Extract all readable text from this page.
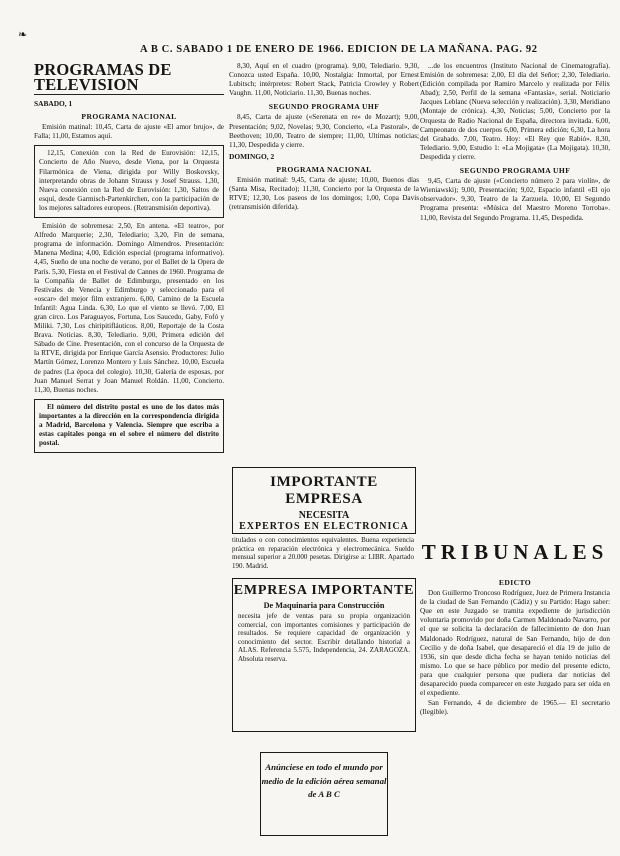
❧
A B C. SABADO 1 DE ENERO DE 1966. EDICION DE LA MAÑANA. PAG. 92
PROGRAMAS DE TELEVISION
SABADO, 1
PROGRAMA NACIONAL

Emisión matinal: 10,45, Carta de ajuste «El amor brujo», de Falla; 11,00, Estamos aquí.

12,15, Conexión con la Red de Eurovisión: 12,15, Concierto de Año Nuevo, desde Viena, por la Orquesta Filarmónica de Viena, dirigida por Willy Boskovsky, interpretando obras de Johann Strauss y Josef Strauss. 1,30, Nueva conexión con la Red de Eurovisión: 1,30, Saltos de esquí, desde Garmisch-Partenkirchen, con la participación de los mejores saltadores europeos. (Retransmisión deportiva).

Emisión de sobremesa: 2,50, En antena. «El teatro», por Alfredo Marquerie; 2,30, Telediario; 3,20, Fin de semana, programa de información. Domingo Almendros. Presentación: Manena Medina; 4,00, Edición especial (programa informativo). 4,45, Sueño de una noche de verano, por el Ballet de la Opera de París. 5,30, Fiesta en el Festival de Cannes de 1960. Programa de la Compañía de Ballet de Edimburgo, presentado en los Festivales de Venecia y Edimburgo y seleccionado para el «oscar» del mejor film extranjero. 6,00, Camino de la Escuela Infantil: Agua Linda. 6,30, Lo que el viento se llevó. 7,00, El gran circo. Los Paraguayos, Fortuna, Los Saucedo, Gaby, Fofó y Miliki. 7,30, Los chiripitifláuticos. 8,00, Reportaje de la Costa Brava. Noticias. 8,30, Telediario. 9,00, Primera edición del Sábado de Cine. Presentación, con el concurso de la Orquesta de la RTVE, dirigida por Enrique García Asensio. Productores: Julio Martín Gómez, Lorenzo Montero y Luis Sánchez. 10,00, Escuela de padres (La época del colegio). 10,30, Galería de esposas, por Juan Manuel Serrat y Joan Manuel Roldán. 11,00, Concierto. 11,30, Buenas noches.

El número del distrito postal es uno de los datos más importantes a la dirección en la correspondencia dirigida a Madrid, Barcelona y Valencia. Siempre que escriba a estas capitales ponga en el sobre el número del distrito postal.

8,30, Aquí en el cuadro (programa). 9,00, Telediario. 9,30, Conozca usted España. 10,00, Nostalgia: Inmortal, por Ernest Lubitsch; intérpretes: Robert Stack, Patricia Crowley y Robert Vaughn. 11,00, Noticiario. 11,30, Buenas noches.

SEGUNDO PROGRAMA UHF

8,45, Carta de ajuste («Serenata en re» de Mozart); 9,00, Presentación; 9,02, Novelas; 9,30, Concierto, «La Pastoral», de Beethoven; 10,00, Teatro de siempre; 11,00, Ultimas noticias; 11,30, Despedida y cierre.

DOMINGO, 2
PROGRAMA NACIONAL

Emisión matinal: 9,45, Carta de ajuste; 10,00, Buenos días (Santa Misa, Recitado); 11,30, Concierto por la Orquesta de la RTVE; 12,30, Los paseos de los domingos; 1,00, Copa Davis (retransmisión diferida).

IMPORTANTE EMPRESA
NECESITA
EXPERTOS EN ELECTRONICA
titulados o con conocimientos equivalentes. Buena experiencia práctica en reparación electrónica y electromecánica. Sueldo mensual superior a 20.000 pesetas. Dirigirse a: LIBR. Apartado 190. Madrid.
EMPRESA IMPORTANTE
De Maquinaria para Construcción
necesita jefe de ventas para su propia organización comercial, con importantes comisiones y participación de resultados. Se requiere capacidad de organización y conocimiento del sector. Escribir detallando historial a ALAS. Referencia 5.575, Independencia, 24. ZARAGOZA. Absoluta reserva.
Anúnciese en todo el mundo por medio de la edición aérea semanal de A B C

...de los encuentros (Instituto Nacional de Cinematografía). Emisión de sobremesa: 2,00, El día del Señor; 2,30, Telediario. (Edición compilada por Ramiro Marcelo y realizada por Félix Abad); 2,50, Perfil de la semana «Fantasía», serial. Noticiario Jacques Leblanc (Nueva selección y realización). 3,30, Meridiano (Montaje de crónica). 4,30, Noticias; 5,00, Concierto por la Orquesta de Radio Nacional de España, directora invitada. 6,00, Campeonato de dos cuerpos 6,00, Primera edición; 6,30, La hora del Grabado. 7,00, Teatro. Hoy: «El Rey que Rabió». 8,30, Telediario. 9,00, Estudio 1: «La Mojigata» (La Mojigata). 10,30, Despedida y cierre.

SEGUNDO PROGRAMA UHF

9,45, Carta de ajuste («Concierto número 2 para violín», de Wieniawski); 9,00, Presentación; 9,02, Espacio infantil «El ojo observador». 9,30, Teatro de la Zarzuela. 10,00, El Segundo Programa presenta: «Música del Maestro Moreno Torroba». 11,00, Revista del Segundo Programa. 11,45, Despedida.

TRIBUNALES
EDICTO

Don Guillermo Troncoso Rodríguez, Juez de Primera Instancia de la ciudad de San Fernando (Cádiz) y su Partido: Hago saber: Que en este Juzgado se tramita expediente de jurisdicción voluntaria promovido por doña Carmen Maldonado Navarro, por el que se solicita la declaración de fallecimiento de don Juan Maldonado Rodríguez, natural de San Fernando, hijo de don Cecilio y de doña Isabel, que desapareció el día 19 de julio de 1936, sin que desde dicha fecha se hayan tenido noticias del mismo. Lo que se hace público por medio del presente edicto, para que cualquier persona que pudiera dar noticias del desaparecido pueda comparecer en este Juzgado para ser oída en el expediente.

San Fernando, 4 de diciembre de 1965.— El secretario (Ilegible).
